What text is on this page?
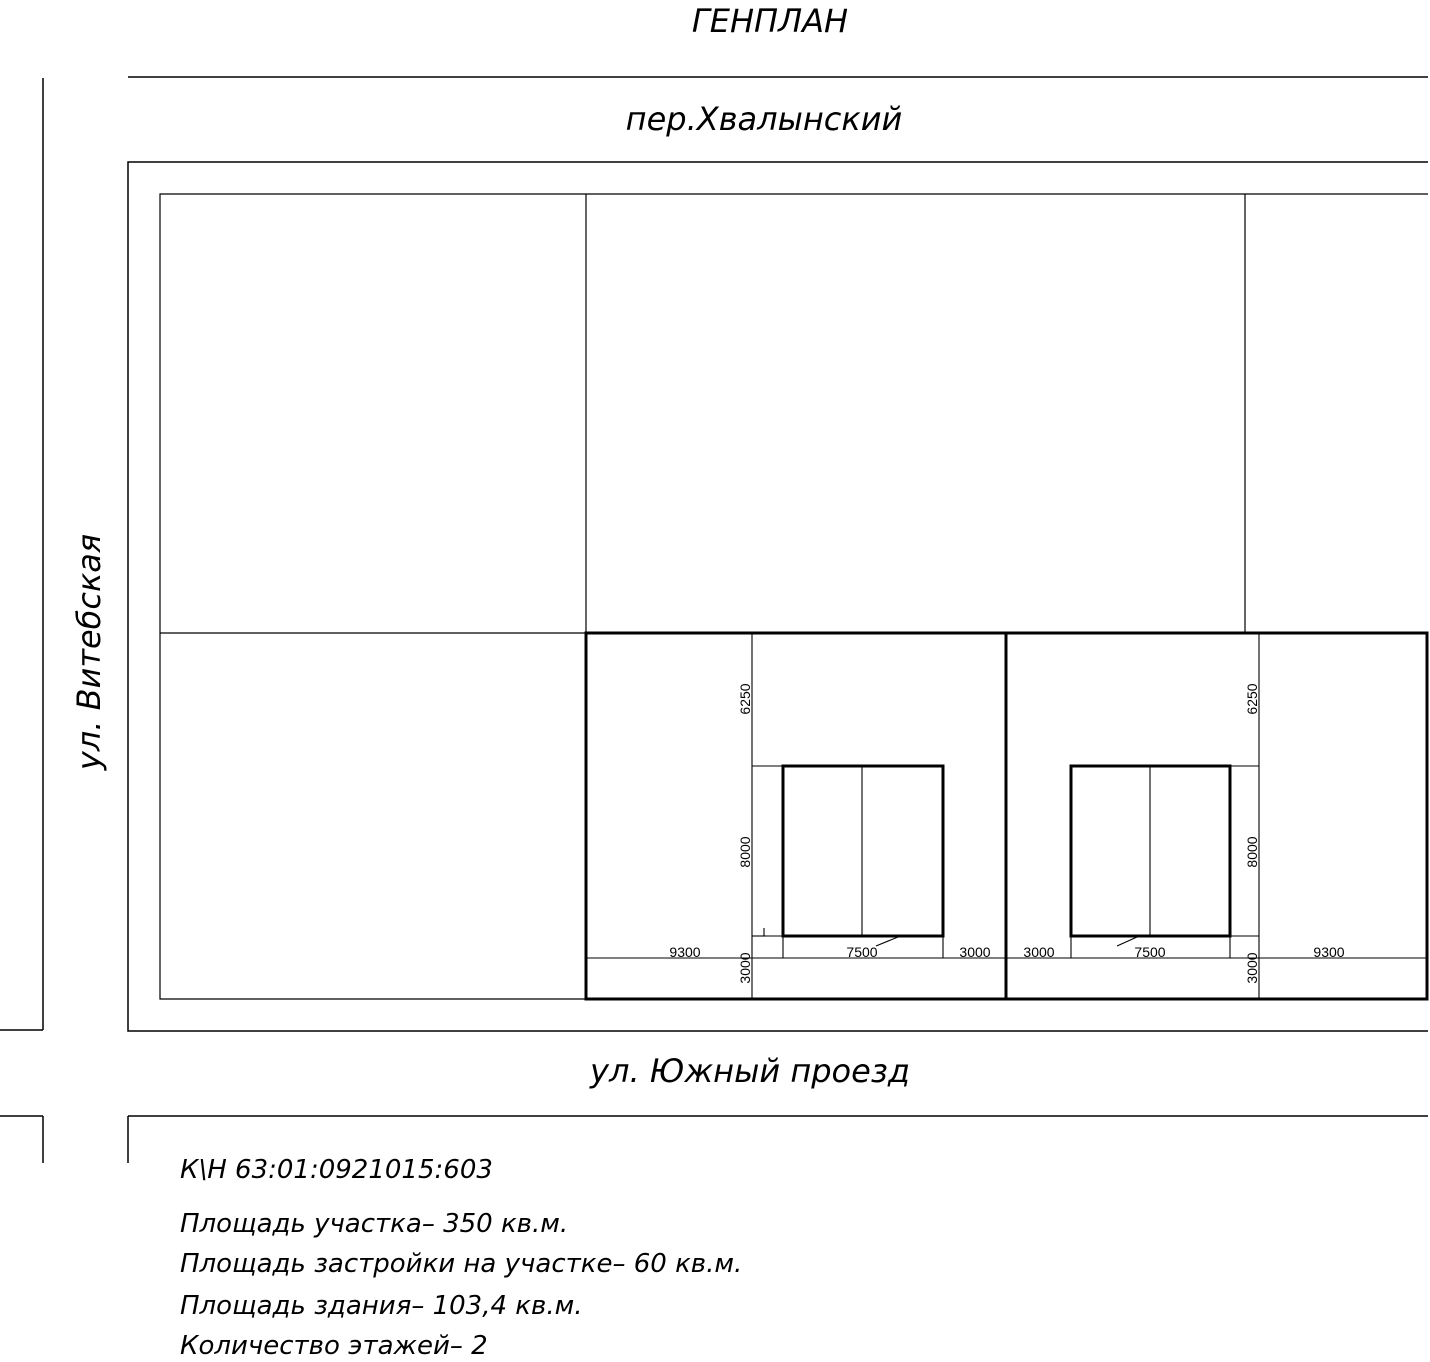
ГЕНПЛАН
пер.Хвалынский
ул. Витебская
ул. Южный проезд
9300	7500	3000
6250
8000
3000
3000	7500	9300
6250
8000
3000
К\Н 63:01:0921015:603
Площадь участка– 350 кв.м.
Площадь застройки на участке– 60 кв.м.
Площадь здания– 103,4 кв.м.
Количество этажей– 2
